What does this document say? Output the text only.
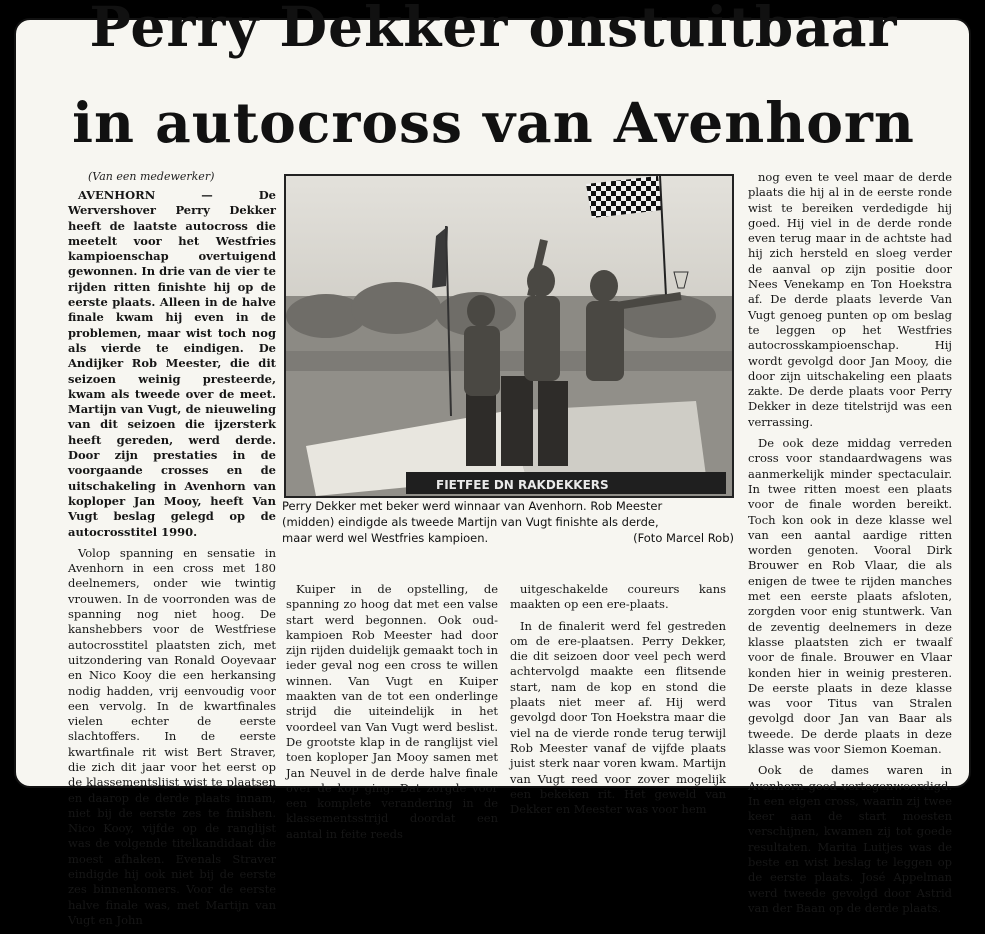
Perry Dekker onstuitbaar
in autocross van Avenhorn
(Van een medewerker)

AVENHORN — De Wervershover Perry Dekker heeft de laatste autocross die meetelt voor het Westfries kampioenschap overtuigend gewonnen. In drie van de vier te rijden ritten finishte hij op de eerste plaats. Alleen in de halve finale kwam hij even in de problemen, maar wist toch nog als vierde te eindigen. De Andijker Rob Meester, die dit seizoen weinig presteerde, kwam als tweede over de meet. Martijn van Vugt, de nieuweling van dit seizoen die ijzersterk heeft gereden, werd derde. Door zijn prestaties in de voorgaande crosses en de uitschakeling in Avenhorn van koploper Jan Mooy, heeft Van Vugt beslag gelegd op de autocrosstitel 1990.

Volop spanning en sensatie in Avenhorn in een cross met 180 deelnemers, onder wie twintig vrouwen. In de voorronden was de spanning nog niet hoog. De kanshebbers voor de Westfriese autocrosstitel plaatsten zich, met uitzondering van Ronald Ooyevaar en Nico Kooy die een herkansing nodig hadden, vrij eenvoudig voor een vervolg. In de kwartfinales vielen echter de eerste slachtoffers. In de eerste kwartfinale rit wist Bert Straver, die zich dit jaar voor het eerst op de klassementslijst wist te plaatsen en daarop de derde plaats innam, niet bij de eerste zes te finishen. Nico Kooy, vijfde op de ranglijst was de volgende titelkandidaat die moest afhaken. Evenals Straver eindigde hij ook niet bij de eerste zes binnenkomers. Voor de eerste halve finale was, met Martijn van Vugt en John

FIETFEE DN RAKDEKKERS
Perry Dekker met beker werd winnaar van Avenhorn. Rob Meester
(midden) eindigde als tweede Martijn van Vugt finishte als derde,
maar werd wel Westfries kampioen.	(Foto Marcel Rob)

Kuiper in de opstelling, de spanning zo hoog dat met een valse start werd begonnen. Ook oud-kampioen Rob Meester had door zijn rijden duidelijk gemaakt toch in ieder geval nog een cross te willen winnen. Van Vugt en Kuiper maakten van de tot een onderlinge strijd die uiteindelijk in het voordeel van Van Vugt werd beslist. De grootste klap in de ranglijst viel toen koploper Jan Mooy samen met Jan Neuvel in de derde halve finale over de kop ging. Dat zorgde voor een komplete verandering in de klassementsstrijd doordat een aantal in feite reeds

uitgeschakelde coureurs kans maakten op een ere-plaats.

In de finalerit werd fel gestreden om de ere-plaatsen. Perry Dekker, die dit seizoen door veel pech werd achtervolgd maakte een flitsende start, nam de kop en stond die plaats niet meer af. Hij werd gevolgd door Ton Hoekstra maar die viel na de vierde ronde terug terwijl Rob Meester vanaf de vijfde plaats juist sterk naar voren kwam. Martijn van Vugt reed voor zover mogelijk een bekeken rit. Het geweld van Dekker en Meester was voor hem

nog even te veel maar de derde plaats die hij al in de eerste ronde wist te bereiken verdedigde hij goed. Hij viel in de derde ronde even terug maar in de achtste had hij zich hersteld en sloeg verder de aanval op zijn positie door Nees Venekamp en Ton Hoekstra af. De derde plaats leverde Van Vugt genoeg punten op om beslag te leggen op het Westfries autocrosskampioenschap. Hij wordt gevolgd door Jan Mooy, die door zijn uitschakeling een plaats zakte. De derde plaats voor Perry Dekker in deze titelstrijd was een verrassing.

De ook deze middag verreden cross voor standaardwagens was aanmerkelijk minder spectaculair. In twee ritten moest een plaats voor de finale worden bereikt. Toch kon ook in deze klasse wel van een aantal aardige ritten worden genoten. Vooral Dirk Brouwer en Rob Vlaar, die als enigen de twee te rijden manches met een eerste plaats afsloten, zorgden voor enig stuntwerk. Van de zeventig deelnemers in deze klasse plaatsten zich er twaalf voor de finale. Brouwer en Vlaar konden hier in weinig presteren. De eerste plaats in deze klasse was voor Titus van Stralen gevolgd door Jan van Baar als tweede. De derde plaats in deze klasse was voor Siemon Koeman.

Ook de dames waren in Avenhorn goed vertegenwoordigd. In een eigen cross, waarin zij twee keer aan de start moesten verschijnen, kwamen zij tot goede resultaten. Marita Luitjes was de beste en wist beslag te leggen op de eerste plaats. José Appelman werd tweede gevolgd door Astrid van der Baan op de derde plaats.
